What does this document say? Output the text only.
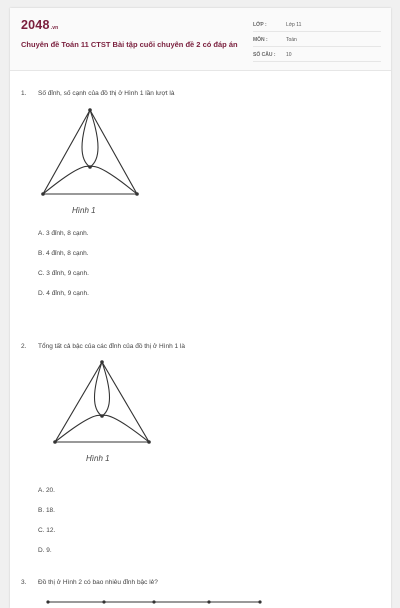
2048.vn
Chuyên đề Toán 11 CTST Bài tập cuối chuyên đề 2 có đáp án
LỚP :	Lớp 11
MÔN :	Toán
SỐ CÂU : 10
1. Số đỉnh, số cạnh của đồ thị ở Hình 1 lần lượt là
Hình 1
A. 3 đỉnh, 8 cạnh.
B. 4 đỉnh, 8 cạnh.
C. 3 đỉnh, 9 cạnh.
D. 4 đỉnh, 9 cạnh.
2. Tổng tất cả bậc của các đỉnh của đồ thị ở Hình 1 là
Hình 1
A. 20.
B. 18.
C. 12.
D. 9.
3. Đồ thị ở Hình 2 có bao nhiêu đỉnh bậc lẻ?
